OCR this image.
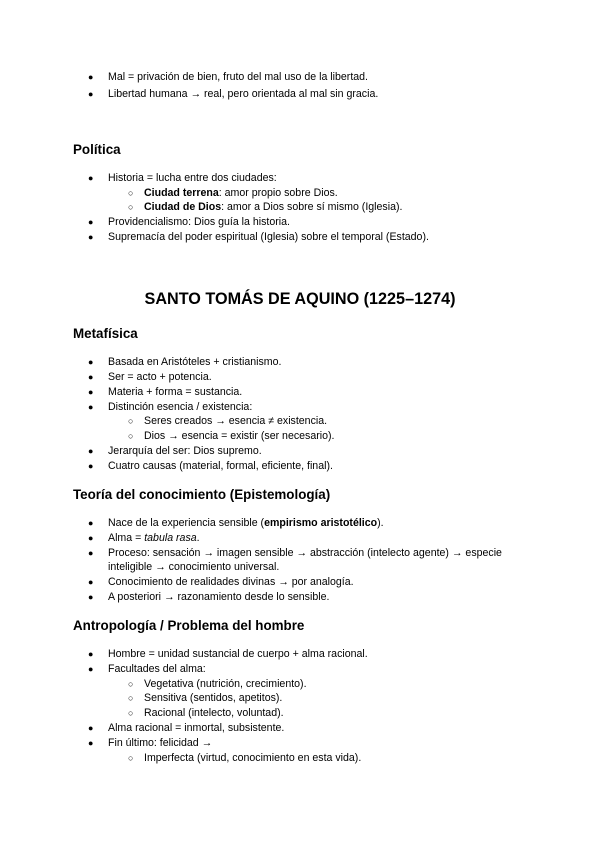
● Mal = privación de bien, fruto del mal uso de la libertad.
● Libertad humana → real, pero orientada al mal sin gracia.
Política
● Historia = lucha entre dos ciudades:
○ Ciudad terrena: amor propio sobre Dios.
○ Ciudad de Dios: amor a Dios sobre sí mismo (Iglesia).
● Providencialismo: Dios guía la historia.
● Supremacía del poder espiritual (Iglesia) sobre el temporal (Estado).
SANTO TOMÁS DE AQUINO (1225–1274)
Metafísica
● Basada en Aristóteles + cristianismo.
● Ser = acto + potencia.
● Materia + forma = sustancia.
● Distinción esencia / existencia:
○ Seres creados → esencia ≠ existencia.
○ Dios → esencia = existir (ser necesario).
● Jerarquía del ser: Dios supremo.
● Cuatro causas (material, formal, eficiente, final).
Teoría del conocimiento (Epistemología)
● Nace de la experiencia sensible (empirismo aristotélico).
● Alma = tabula rasa.
● Proceso: sensación → imagen sensible → abstracción (intelecto agente) → especie
inteligible → conocimiento universal.
● Conocimiento de realidades divinas → por analogía.
● A posteriori → razonamiento desde lo sensible.
Antropología / Problema del hombre
● Hombre = unidad sustancial de cuerpo + alma racional.
● Facultades del alma:
○ Vegetativa (nutrición, crecimiento).
○ Sensitiva (sentidos, apetitos).
○ Racional (intelecto, voluntad).
● Alma racional = inmortal, subsistente.
● Fin último: felicidad →
○ Imperfecta (virtud, conocimiento en esta vida).
